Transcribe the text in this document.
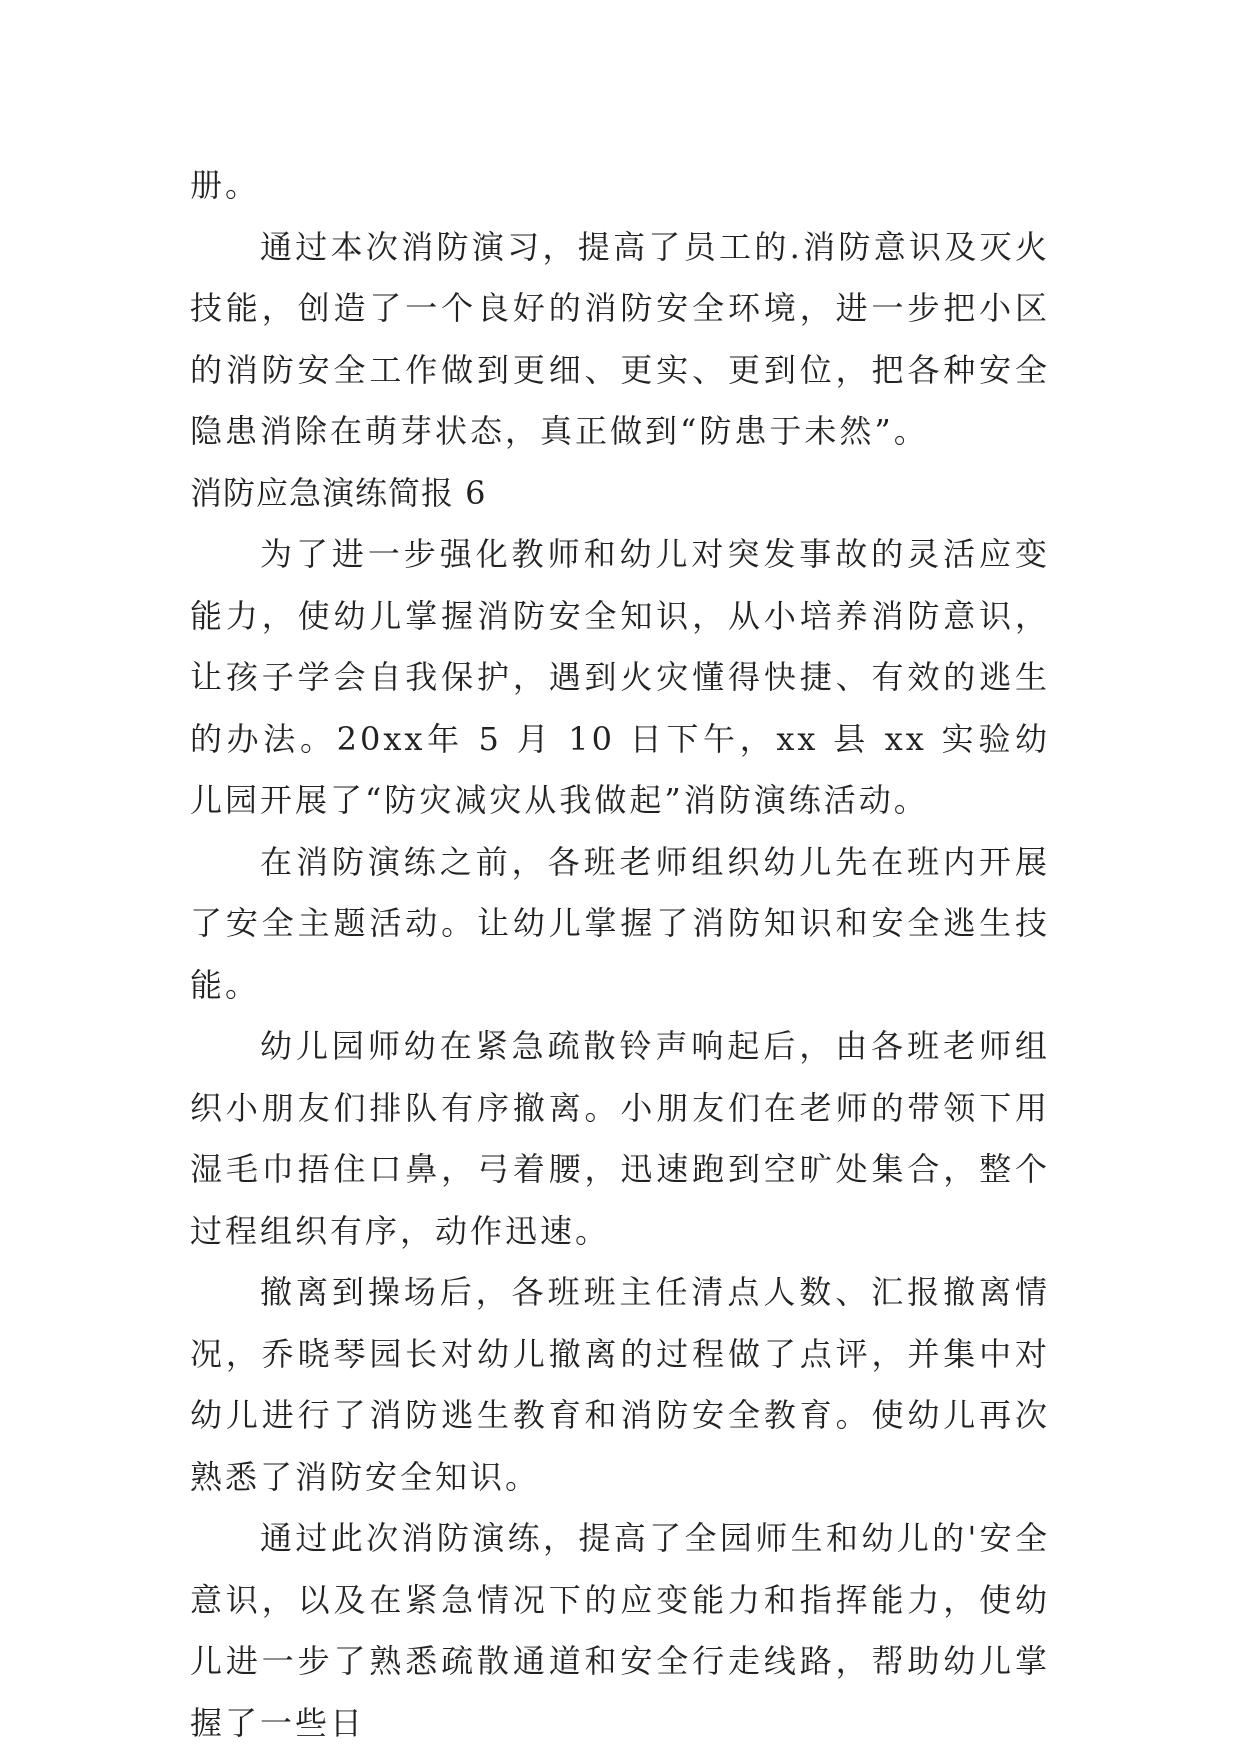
册。

通过本次消防演习，提高了员工的.消防意识及灭火技能，创造了一个良好的消防安全环境，进一步把小区的消防安全工作做到更细、更实、更到位，把各种安全隐患消除在萌芽状态，真正做到“防患于未然”。

消防应急演练简报 6

为了进一步强化教师和幼儿对突发事故的灵活应变能力，使幼儿掌握消防安全知识，从小培养消防意识，让孩子学会自我保护，遇到火灾懂得快捷、有效的逃生的办法。20xx年 5 月 10 日下午，xx 县 xx 实验幼儿园开展了“防灾减灾从我做起”消防演练活动。

在消防演练之前，各班老师组织幼儿先在班内开展了安全主题活动。让幼儿掌握了消防知识和安全逃生技能。

幼儿园师幼在紧急疏散铃声响起后，由各班老师组织小朋友们排队有序撤离。小朋友们在老师的带领下用湿毛巾捂住口鼻，弓着腰，迅速跑到空旷处集合，整个过程组织有序，动作迅速。

撤离到操场后，各班班主任清点人数、汇报撤离情况，乔晓琴园长对幼儿撤离的过程做了点评，并集中对幼儿进行了消防逃生教育和消防安全教育。使幼儿再次熟悉了消防安全知识。

通过此次消防演练，提高了全园师生和幼儿的'安全意识，以及在紧急情况下的应变能力和指挥能力，使幼儿进一步了熟悉疏散通道和安全行走线路，帮助幼儿掌握了一些日
